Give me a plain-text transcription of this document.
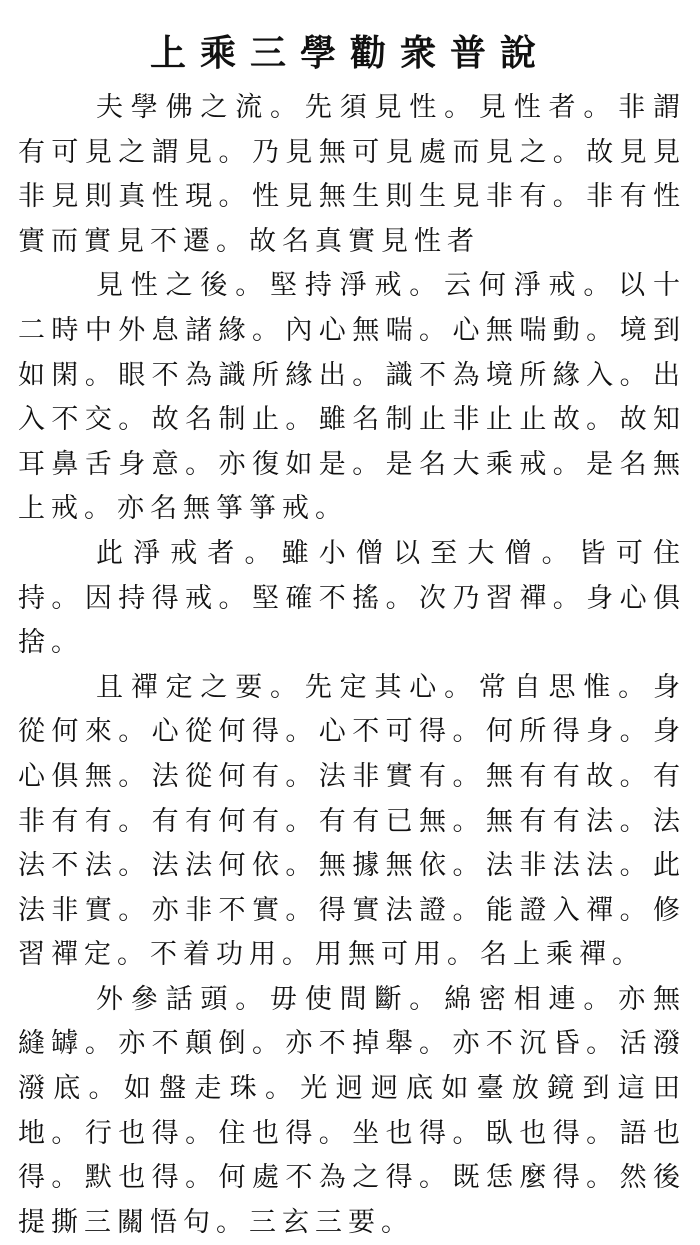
上乘三學勸衆普說

夫學佛之流。先須見性。見性者。非謂有可見之謂見。乃見無可見處而見之。故見見非見則真性現。性見無生則生見非有。非有性實而實見不遷。故名真實見性者

見性之後。堅持淨戒。云何淨戒。以十二時中外息諸緣。內心無喘。心無喘動。境到如閑。眼不為識所緣出。識不為境所緣入。出入不交。故名制止。雖名制止非止止故。故知耳鼻舌身意。亦復如是。是名大乘戒。是名無上戒。亦名無箏箏戒。

此淨戒者。雖小僧以至大僧。皆可住持。因持得戒。堅確不搖。次乃習禪。身心俱捨。

且禪定之要。先定其心。常自思惟。身從何來。心從何得。心不可得。何所得身。身心俱無。法從何有。法非實有。無有有故。有非有有。有有何有。有有已無。無有有法。法法不法。法法何依。無據無依。法非法法。此法非實。亦非不實。得實法證。能證入禪。修習禪定。不着功用。用無可用。名上乘禪。

外參話頭。毋使間斷。綿密相連。亦無縫罅。亦不顛倒。亦不掉舉。亦不沉昏。活潑潑底。如盤走珠。光迥迥底如臺放鏡到這田地。行也得。住也得。坐也得。臥也得。語也得。默也得。何處不為之得。既恁麼得。然後提撕三關悟句。三玄三要。
